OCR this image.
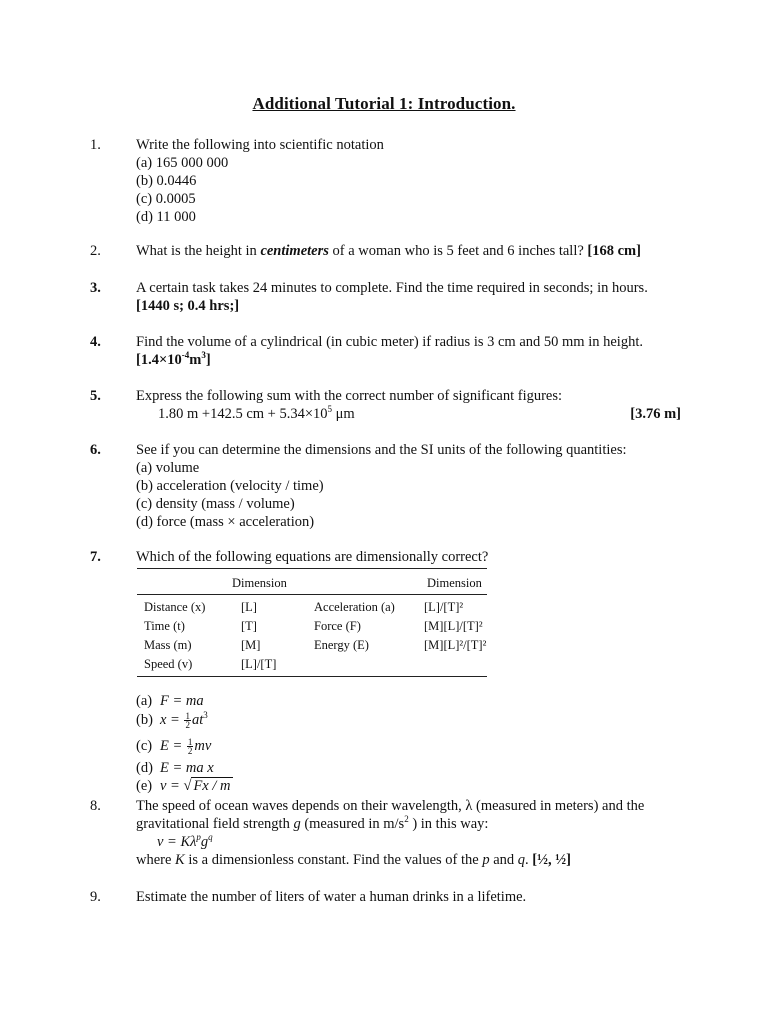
Additional Tutorial 1: Introduction.
1. Write the following into scientific notation
(a) 165 000 000
(b) 0.0446
(c) 0.0005
(d) 11 000
2. What is the height in centimeters of a woman who is 5 feet and 6 inches tall? [168 cm]
3. A certain task takes 24 minutes to complete. Find the time required in seconds; in hours.
[1440 s; 0.4 hrs;]
4. Find the volume of a cylindrical (in cubic meter) if radius is 3 cm and 50 mm in height.
$[1.4\times 10^{-4}m^3]$
5. Express the following sum with the correct number of significant figures:
1.80 m +142.5 cm + $5.34\times 10^5$ μm	[3.76 m]
6. See if you can determine the dimensions and the SI units of the following quantities:
(a) volume
(b) acceleration (velocity / time)
(c) density (mass / volume)
(d) force (mass × acceleration)
7. Which of the following equations are dimensionally correct?
Dimension	Dimension
Distance (x)	[L]	Acceleration (a) [L]/[T]²
Time (t)	[T]	Force (F)	[M][L]/[T]²
Mass (m)	[M]	Energy (E)	[M][L]²/[T]²
Speed (v)	[L]/[T]
(a) F = ma
(b) $x = \frac{1}{2} at^3$
(c) $E = \frac{1}{2}$ mv
(d) E = ma x
(e) v = √ Fx / m
8. The speed of ocean waves depends on their wavelength, λ (measured in meters) and the
gravitational field strength g (measured in $m/s^2$ ) in this way:
$v = K\lambda^pg^q$
where K is a dimensionless constant. Find the values of the p and q. [½, ½]
9. Estimate the number of liters of water a human drinks in a lifetime.
